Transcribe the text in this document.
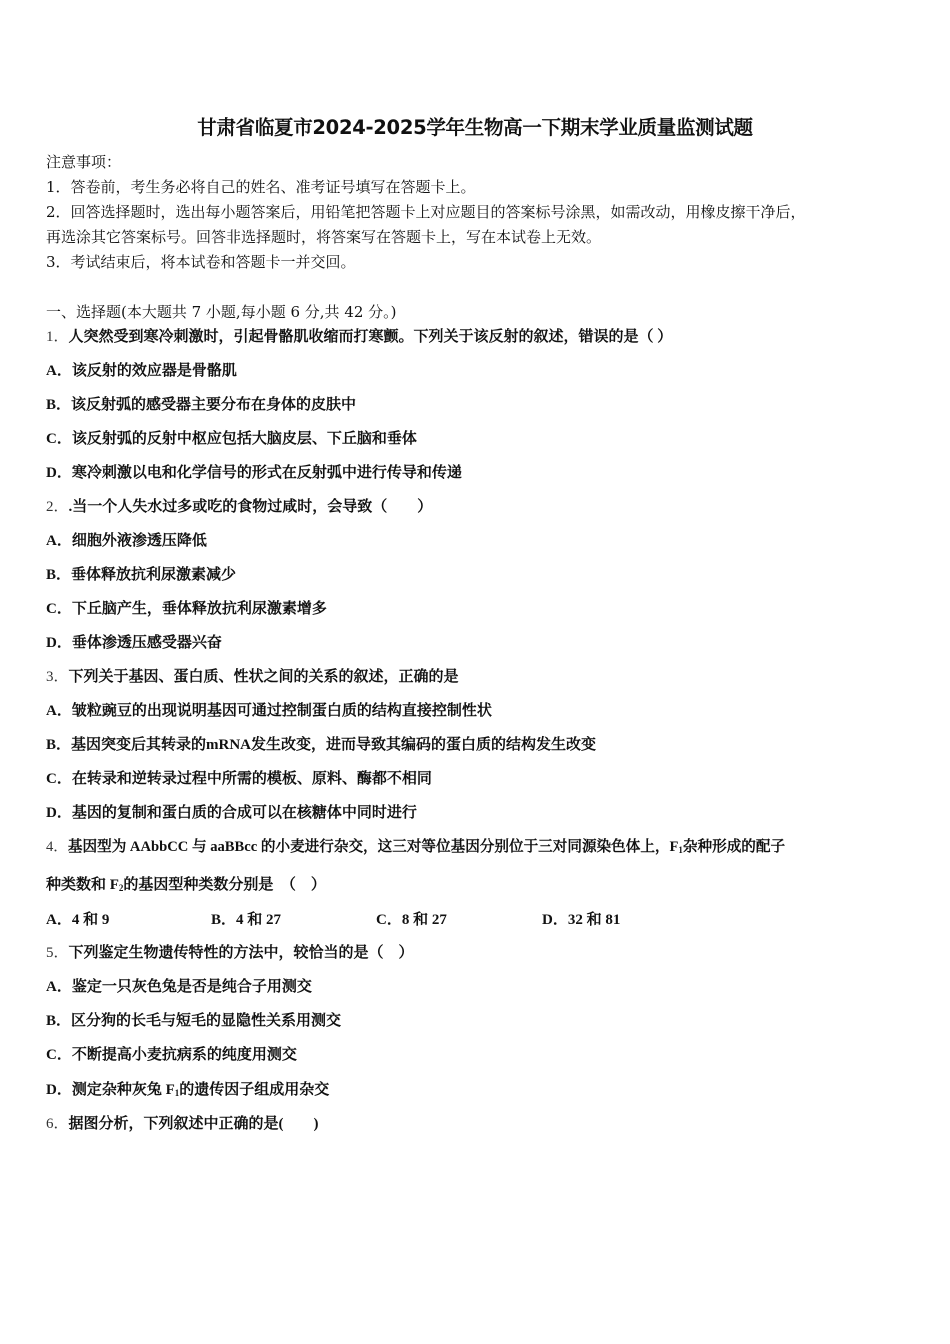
甘肃省临夏市2024-2025学年生物高一下期末学业质量监测试题
注意事项：
1．答卷前，考生务必将自己的姓名、准考证号填写在答题卡上。
2．回答选择题时，选出每小题答案后，用铅笔把答题卡上对应题目的答案标号涂黑，如需改动，用橡皮擦干净后，
再选涂其它答案标号。回答非选择题时，将答案写在答题卡上，写在本试卷上无效。
3．考试结束后，将本试卷和答题卡一并交回。
一、选择题(本大题共 7 小题,每小题 6 分,共 42 分。)
1．人突然受到寒冷刺激时，引起骨骼肌收缩而打寒颤。下列关于该反射的叙述，错误的是（ ）
A．该反射的效应器是骨骼肌
B．该反射弧的感受器主要分布在身体的皮肤中
C．该反射弧的反射中枢应包括大脑皮层、下丘脑和垂体
D．寒冷刺激以电和化学信号的形式在反射弧中进行传导和传递
2．.当一个人失水过多或吃的食物过咸时，会导致（　　）
A．细胞外液渗透压降低
B．垂体释放抗利尿激素减少
C．下丘脑产生，垂体释放抗利尿激素增多
D．垂体渗透压感受器兴奋
3．下列关于基因、蛋白质、性状之间的关系的叙述，正确的是
A．皱粒豌豆的出现说明基因可通过控制蛋白质的结构直接控制性状
B．基因突变后其转录的mRNA发生改变，进而导致其编码的蛋白质的结构发生改变
C．在转录和逆转录过程中所需的模板、原料、酶都不相同
D．基因的复制和蛋白质的合成可以在核糖体中同时进行
4．基因型为 AAbbCC 与 aaBBcc 的小麦进行杂交，这三对等位基因分别位于三对同源染色体上，$F_1$杂种形成的配子
种类数和 $F_2$的基因型种类数分别是　（　）
A．4 和 9	B．4 和 27	C．8 和 27	D．32 和 81
5．下列鉴定生物遗传特性的方法中，较恰当的是（　）
A．鉴定一只灰色兔是否是纯合子用测交
B．区分狗的长毛与短毛的显隐性关系用测交
C．不断提高小麦抗病系的纯度用测交
D．测定杂种灰兔 $F_1$的遗传因子组成用杂交
6．据图分析，下列叙述中正确的是(　　)
